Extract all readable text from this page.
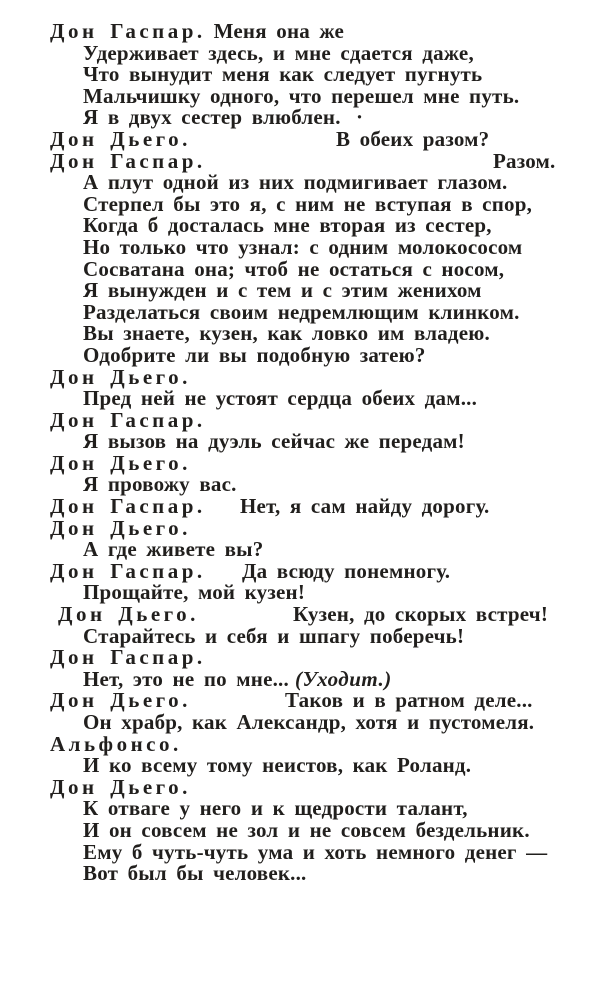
Дон Гаспар. Меня она же
Удерживает здесь, и мне сдается даже,
Что вынудит меня как следует пугнуть
Мальчишку одного, что перешел мне путь.
Я в двух сестер влюблен. ·
Дон Дьего.	В обеих разом?
Дон Гаспар.	Разом.
А плут одной из них подмигивает глазом.
Стерпел бы это я, с ним не вступая в спор,
Когда б досталась мне вторая из сестер,
Но только что узнал: с одним молокососом
Сосватана она; чтоб не остаться с носом,
Я вынужден и с тем и с этим женихом
Разделаться своим недремлющим клинком.
Вы знаете, кузен, как ловко им владею.
Одобрите ли вы подобную затею?
Дон Дьего.
Пред ней не устоят сердца обеих дам...
Дон Гаспар.
Я вызов на дуэль сейчас же передам!
Дон Дьего.
Я провожу вас.
Дон Гаспар. Нет, я сам найду дорогу.
Дон Дьего.
А где живете вы?
Дон Гаспар. Да всюду понемногу.
Прощайте, мой кузен!
Дон Дьего.	Кузен, до скорых встреч!
Старайтесь и себя и шпагу поберечь!
Дон Гаспар.
Нет, это не по мне... (Уходит.)
Дон Дьего.	Таков и в ратном деле...
Он храбр, как Александр, хотя и пустомеля.
Альфонсо.
И ко всему тому неистов, как Роланд.
Дон Дьего.
К отваге у него и к щедрости талант,
И он совсем не зол и не совсем бездельник.
Ему б чуть-чуть ума и хоть немного денег —
Вот был бы человек...
